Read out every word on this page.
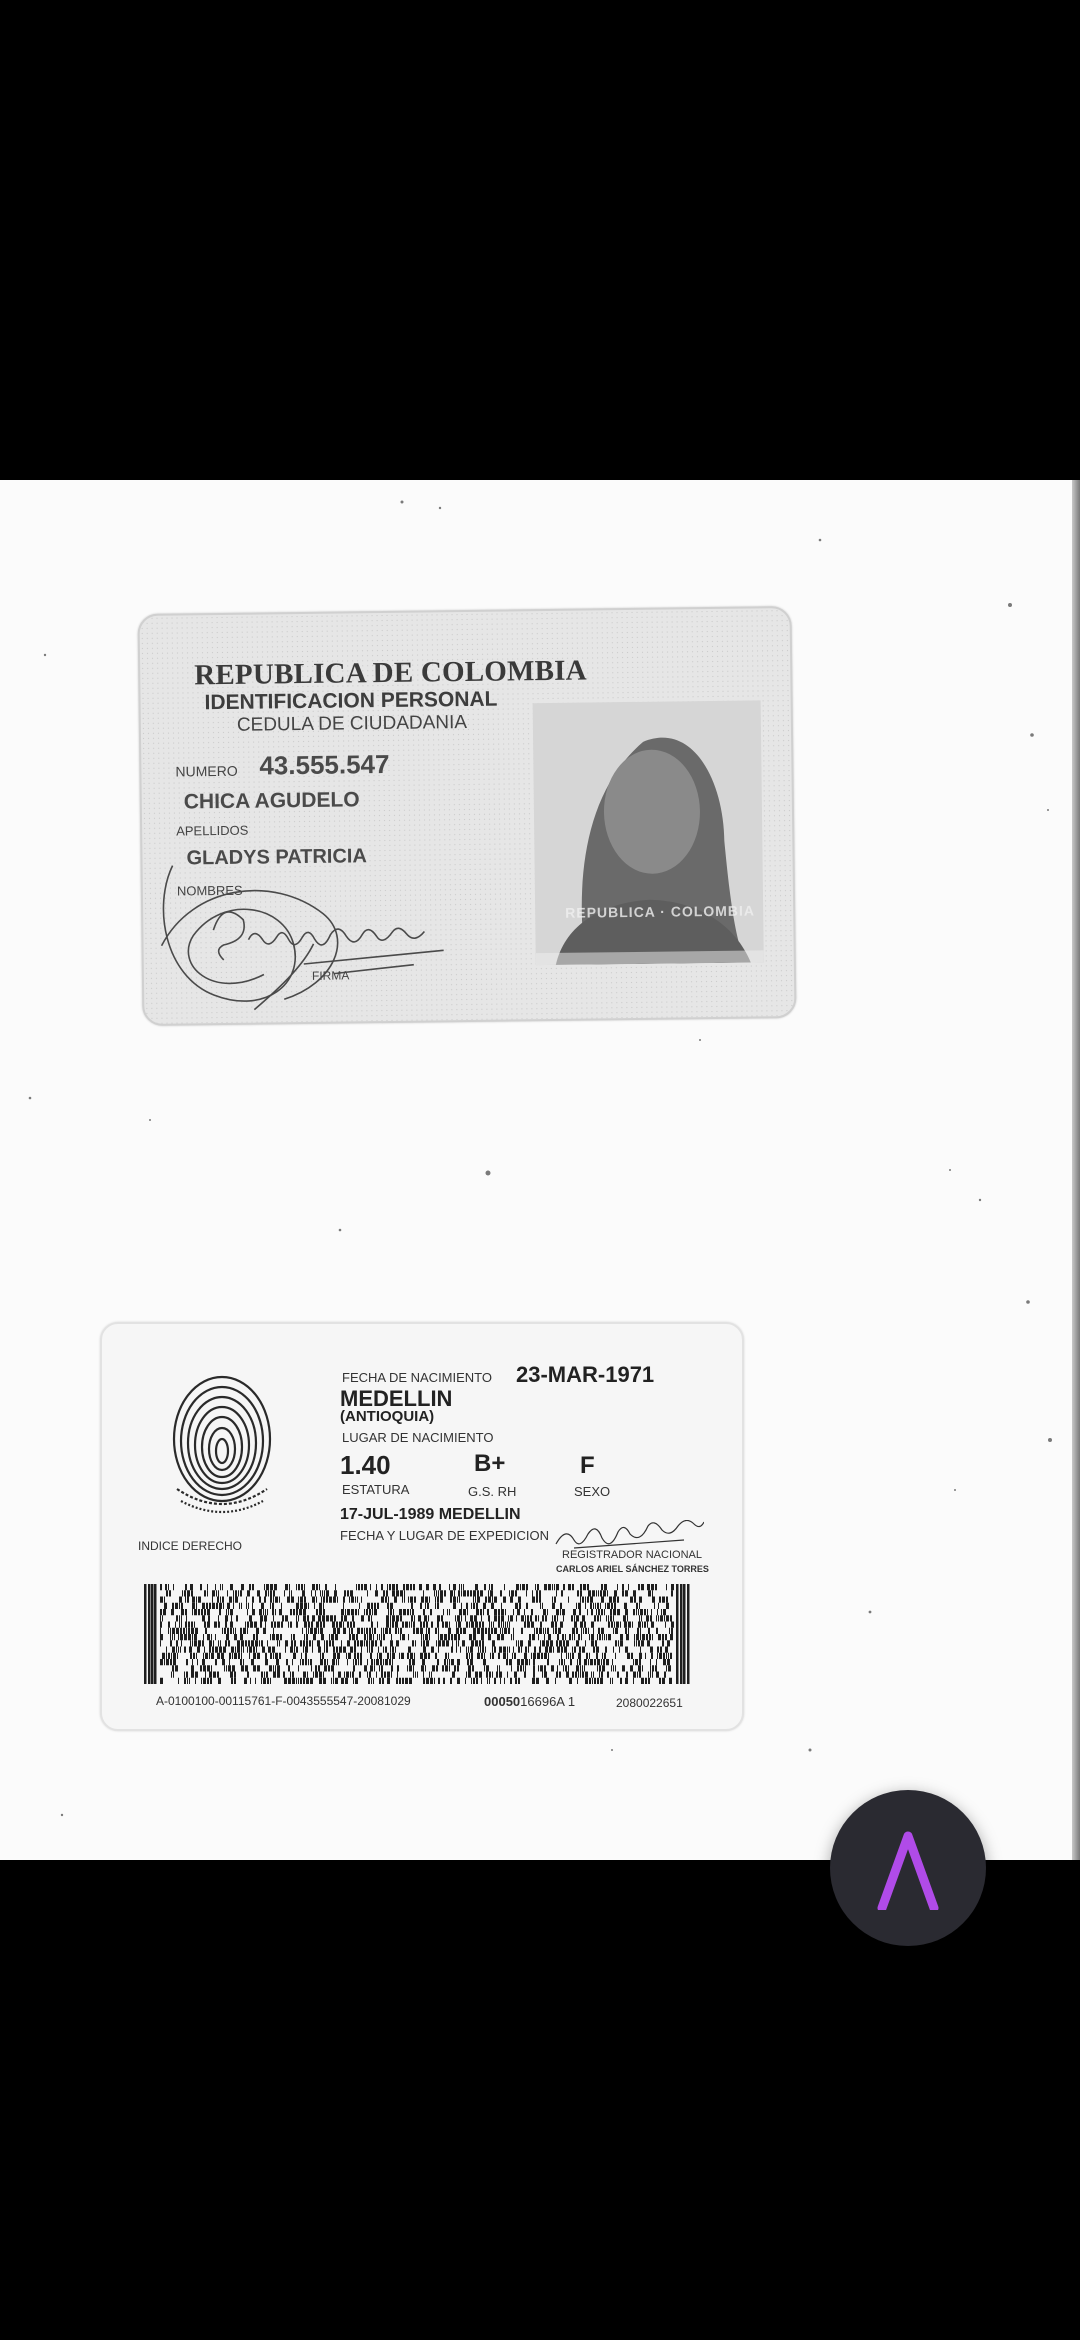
REPUBLICA DE COLOMBIA
IDENTIFICACION PERSONAL
CEDULA DE CIUDADANIA
NUMERO 43.555.547
CHICA AGUDELO
APELLIDOS
GLADYS PATRICIA
NOMBRES
FIRMA
REPUBLICA · COLOMBIA
INDICE DERECHO
FECHA DE NACIMIENTO 23-MAR-1971
MEDELLIN
(ANTIOQUIA)
LUGAR DE NACIMIENTO
1.40
ESTATURA
B+
G.S. RH
F
SEXO
17-JUL-1989 MEDELLIN
FECHA Y LUGAR DE EXPEDICION
REGISTRADOR NACIONAL
CARLOS ARIEL SÁNCHEZ TORRES
A-0100100-00115761-F-0043555547-20081029	0005016696A 1	2080022651
